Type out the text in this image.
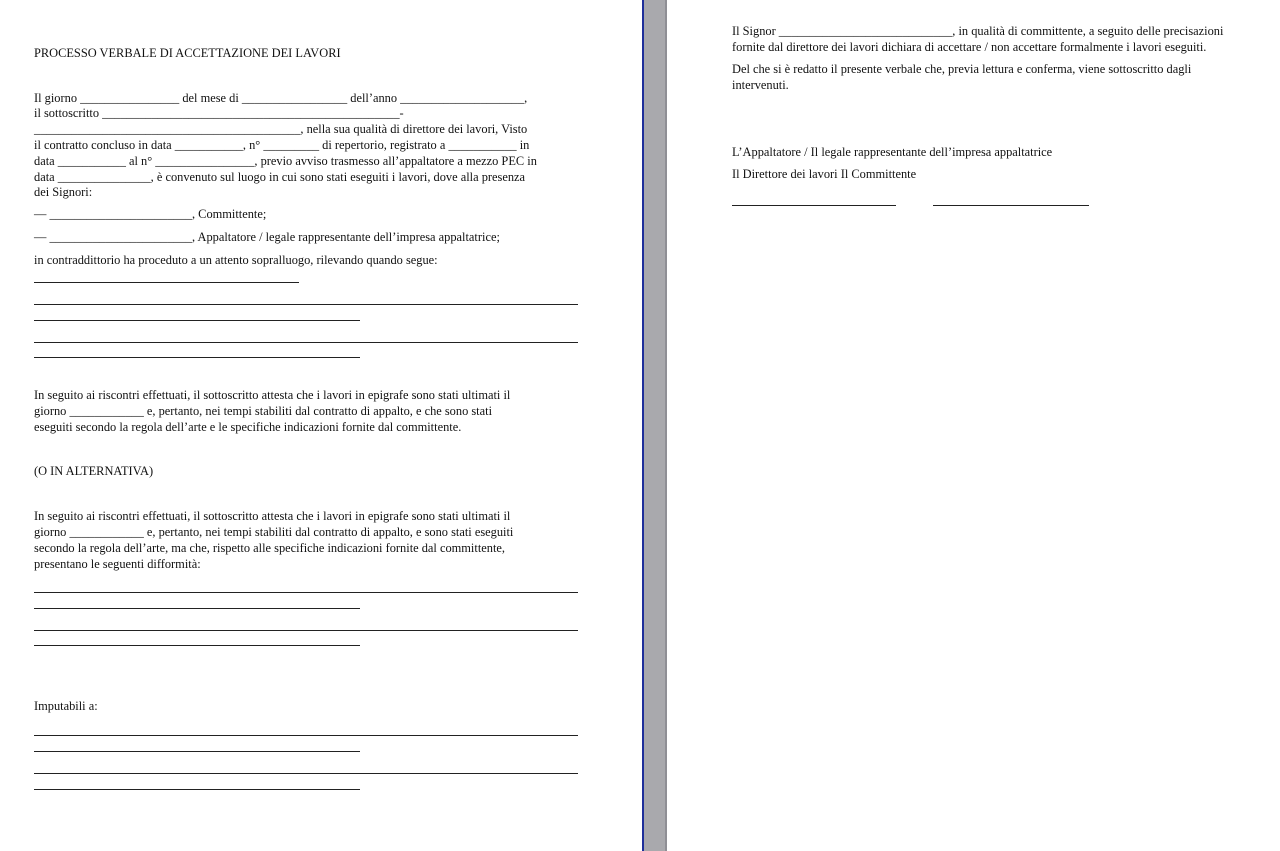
PROCESSO VERBALE DI ACCETTAZIONE DEI LAVORI
Il giorno ________________ del mese di _________________ dell’anno ____________________,
il sottoscritto ________________________________________________-
___________________________________________, nella sua qualità di direttore dei lavori, Visto
il contratto concluso in data ___________, n° _________ di repertorio, registrato a ___________ in
data ___________ al n° ________________, previo avviso trasmesso all’appaltatore a mezzo PEC in
data _______________, è convenuto sul luogo in cui sono stati eseguiti i lavori, dove alla presenza
dei Signori:
— _______________________, Committente;
— _______________________, Appaltatore / legale rappresentante dell’impresa appaltatrice;
in contraddittorio ha proceduto a un attento sopralluogo, rilevando quando segue:
In seguito ai riscontri effettuati, il sottoscritto attesta che i lavori in epigrafe sono stati ultimati il
giorno ____________ e, pertanto, nei tempi stabiliti dal contratto di appalto, e che sono stati
eseguiti secondo la regola dell’arte e le specifiche indicazioni fornite dal committente.
(O IN ALTERNATIVA)
In seguito ai riscontri effettuati, il sottoscritto attesta che i lavori in epigrafe sono stati ultimati il
giorno ____________ e, pertanto, nei tempi stabiliti dal contratto di appalto, e sono stati eseguiti
secondo la regola dell’arte, ma che, rispetto alle specifiche indicazioni fornite dal committente,
presentano le seguenti difformità:
Imputabili a:
Il Signor ____________________________, in qualità di committente, a seguito delle precisazioni
fornite dal direttore dei lavori dichiara di accettare / non accettare formalmente i lavori eseguiti.
Del che si è redatto il presente verbale che, previa lettura e conferma, viene sottoscritto dagli
intervenuti.
L’Appaltatore / Il legale rappresentante dell’impresa appaltatrice
Il Direttore dei lavori Il Committente
